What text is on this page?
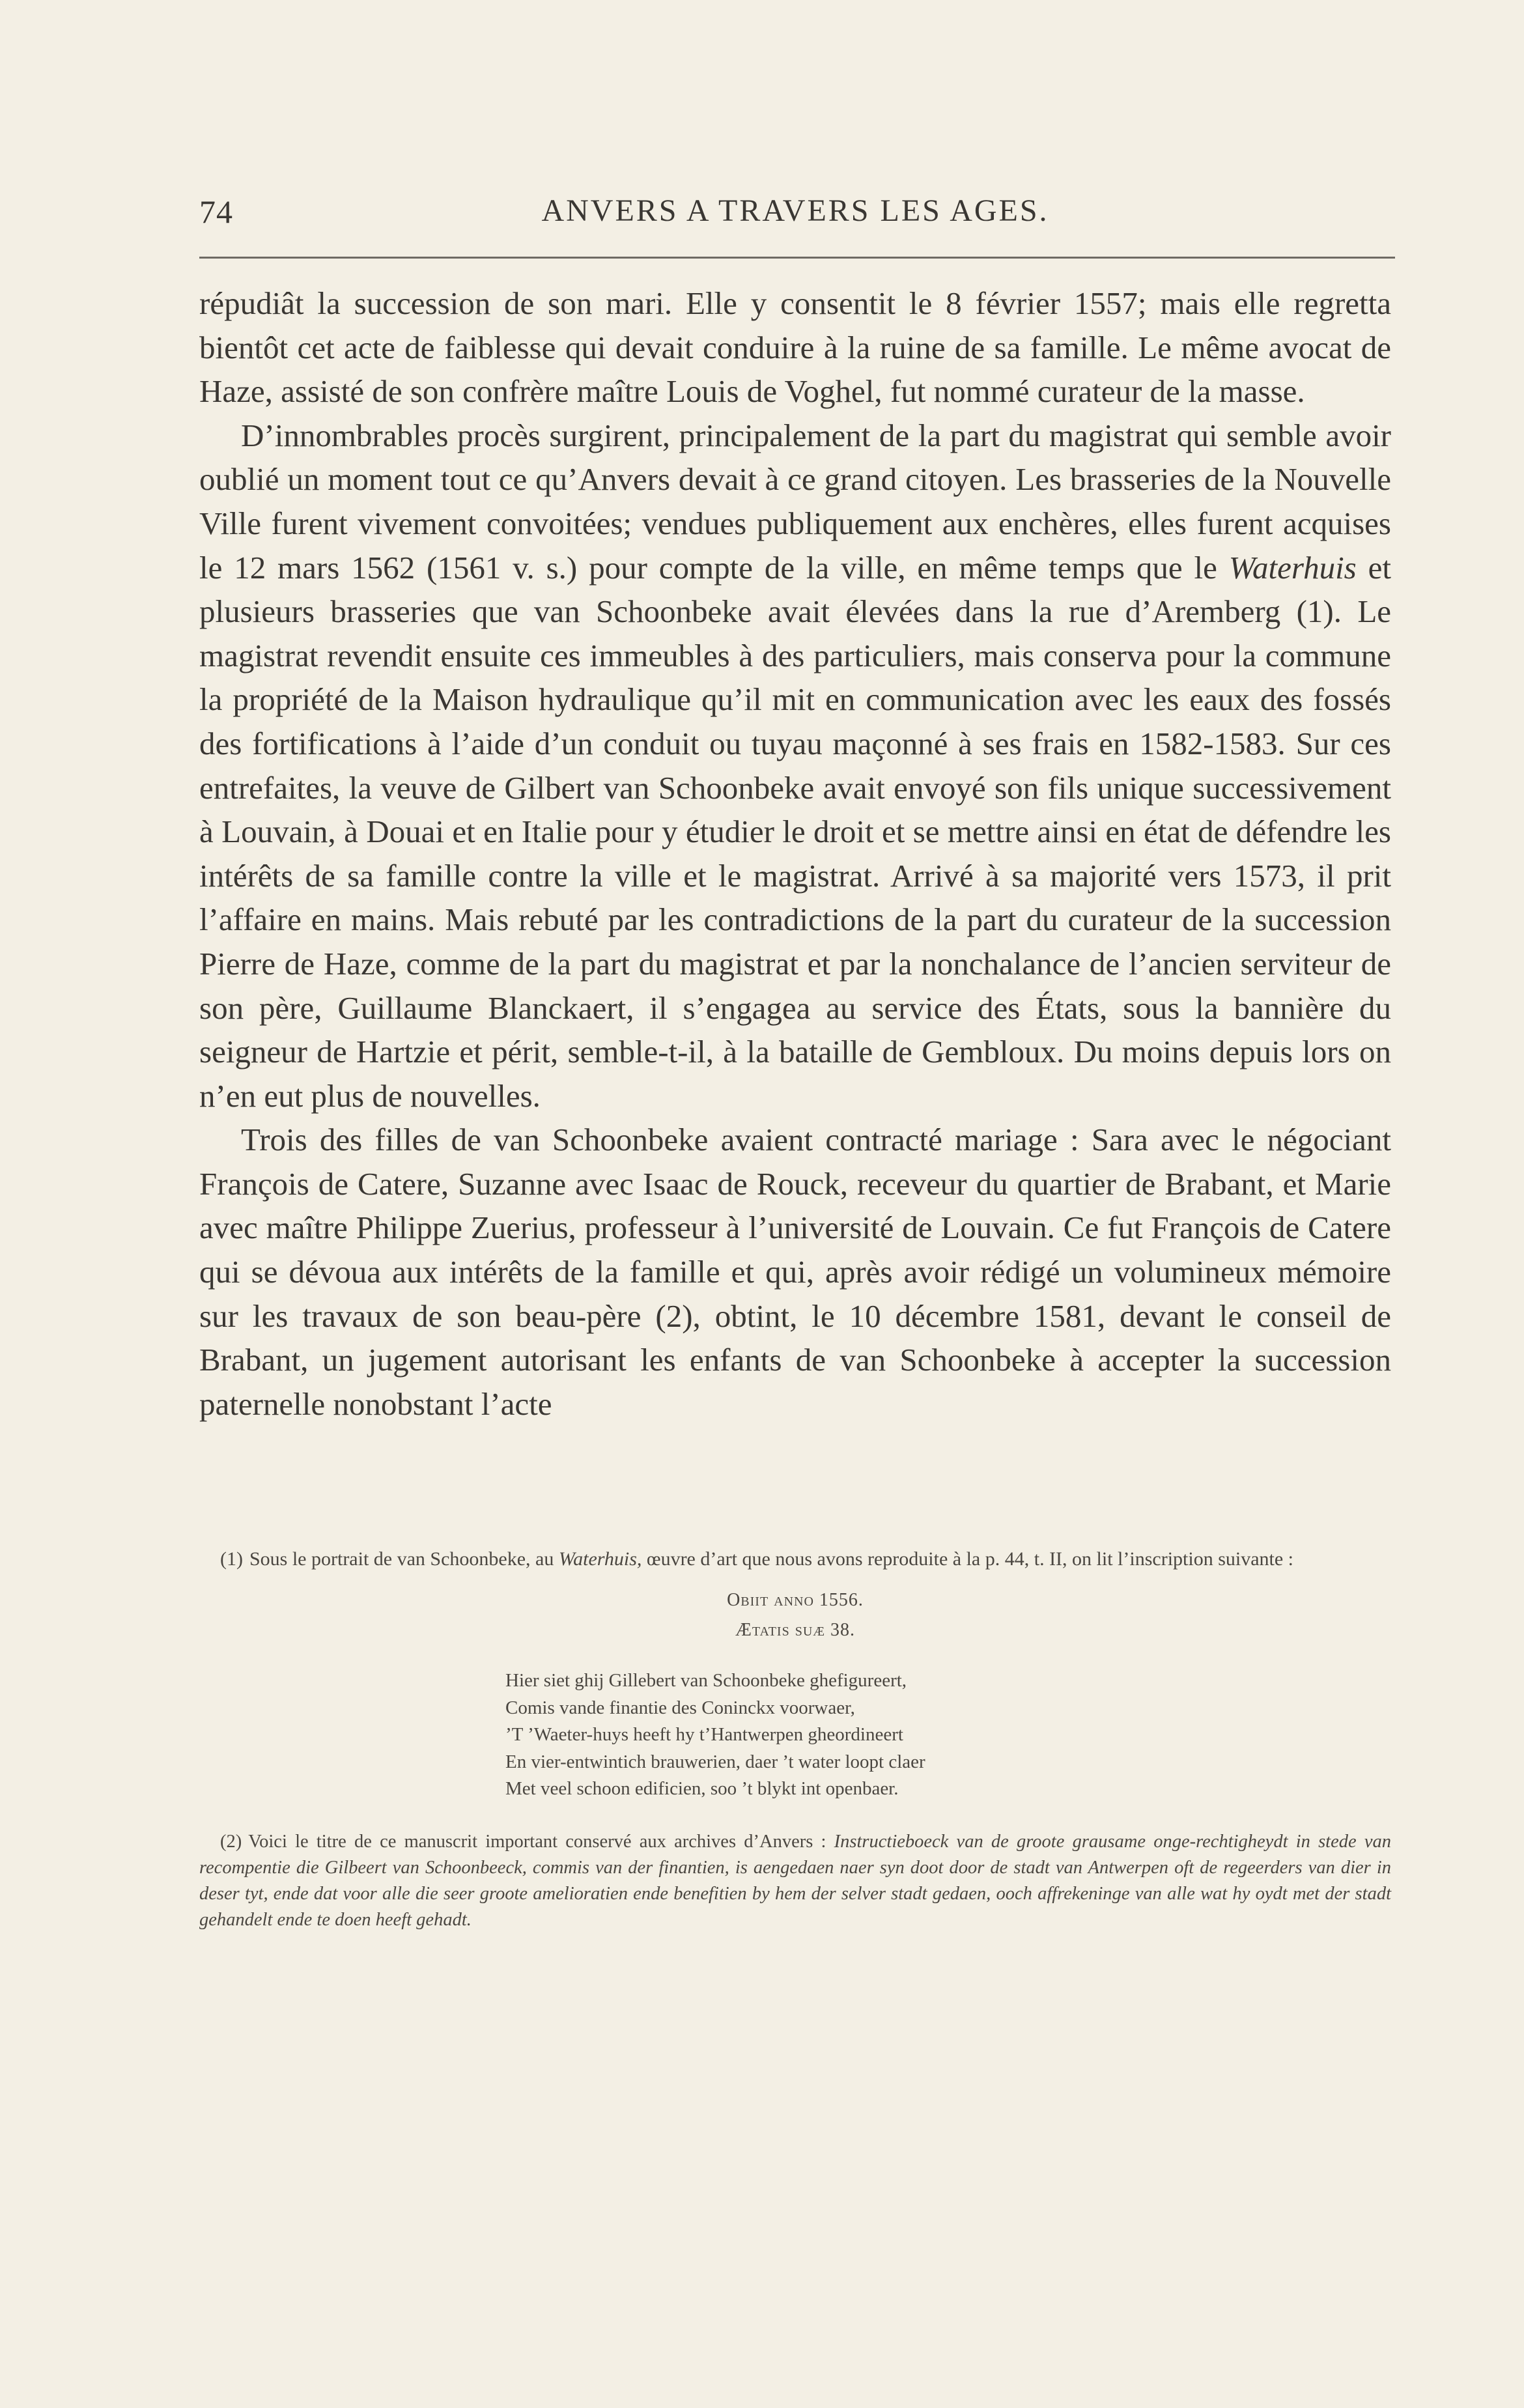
74	ANVERS A TRAVERS LES AGES.

répudiât la succession de son mari. Elle y consentit le 8 février 1557; mais elle regretta bientôt cet acte de faiblesse qui devait conduire à la ruine de sa famille. Le même avocat de Haze, assisté de son confrère maître Louis de Voghel, fut nommé curateur de la masse.

D’innombrables procès surgirent, principalement de la part du magistrat qui semble avoir oublié un moment tout ce qu’Anvers devait à ce grand citoyen. Les brasseries de la Nouvelle Ville furent vivement convoitées; vendues publiquement aux enchères, elles furent acquises le 12 mars 1562 (1561 v. s.) pour compte de la ville, en même temps que le Waterhuis et plusieurs brasseries que van Schoonbeke avait élevées dans la rue d’Aremberg (1). Le magistrat revendit ensuite ces immeubles à des particuliers, mais conserva pour la commune la propriété de la Maison hydraulique qu’il mit en communication avec les eaux des fossés des fortifications à l’aide d’un conduit ou tuyau maçonné à ses frais en 1582-1583. Sur ces entrefaites, la veuve de Gilbert van Schoonbeke avait envoyé son fils unique successivement à Louvain, à Douai et en Italie pour y étudier le droit et se mettre ainsi en état de défendre les intérêts de sa famille contre la ville et le magistrat. Arrivé à sa majorité vers 1573, il prit l’affaire en mains. Mais rebuté par les contradictions de la part du curateur de la succession Pierre de Haze, comme de la part du magistrat et par la nonchalance de l’ancien serviteur de son père, Guillaume Blanckaert, il s’engagea au service des États, sous la bannière du seigneur de Hartzie et périt, semble-t-il, à la bataille de Gembloux. Du moins depuis lors on n’en eut plus de nouvelles.

Trois des filles de van Schoonbeke avaient contracté mariage : Sara avec le négociant François de Catere, Suzanne avec Isaac de Rouck, receveur du quartier de Brabant, et Marie avec maître Philippe Zuerius, professeur à l’université de Louvain. Ce fut François de Catere qui se dévoua aux intérêts de la famille et qui, après avoir rédigé un volumineux mémoire sur les travaux de son beau-père (2), obtint, le 10 décembre 1581, devant le conseil de Brabant, un jugement autorisant les enfants de van Schoonbeke à accepter la succession paternelle nonobstant l’acte

(1) Sous le portrait de van Schoonbeke, au Waterhuis, œuvre d’art que nous avons reproduite à la p. 44, t. II, on lit l’inscription suivante :

Obiit anno 1556.
Ætatis suæ 38.
Hier siet ghij Gillebert van Schoonbeke ghefigureert,
Comis vande finantie des Coninckx voorwaer,
’T ’Waeter-huys heeft hy t’Hantwerpen gheordineert
En vier-entwintich brauwerien, daer ’t water loopt claer
Met veel schoon edificien, soo ’t blykt int openbaer.

(2) Voici le titre de ce manuscrit important conservé aux archives d’Anvers : Instructieboeck van de groote grausame onge-rechtigheydt in stede van recompentie die Gilbeert van Schoonbeeck, commis van der finantien, is aengedaen naer syn doot door de stadt van Antwerpen oft de regeerders van dier in deser tyt, ende dat voor alle die seer groote amelioratien ende benefitien by hem der selver stadt gedaen, ooch affrekeninge van alle wat hy oydt met der stadt gehandelt ende te doen heeft gehadt.
